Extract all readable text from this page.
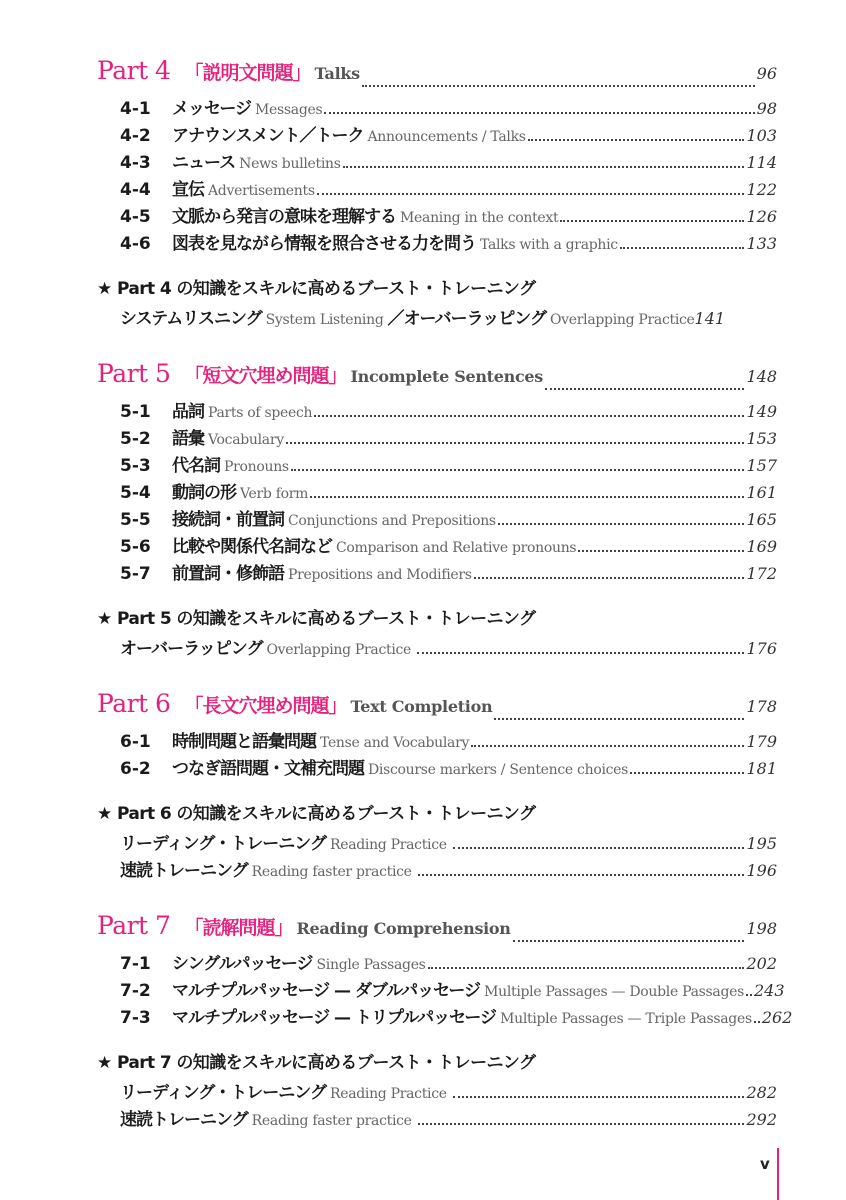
Part 4 「説明文問題」 Talks	96
4-1	メッセージ Messages	98
4-2	アナウンスメント／トーク Announcements / Talks	103
4-3	ニュース News bulletins	114
4-4	宣伝 Advertisements	122
4-5	文脈から発言の意味を理解する Meaning in the context	126
4-6	図表を見ながら情報を照合させる力を問う Talks with a graphic	133
★ Part 4 の知識をスキルに高めるブースト・トレーニング
システムリスニング System Listening ／オーバーラッピング Overlapping Practice 141
Part 5 「短文穴埋め問題」 Incomplete Sentences	148
5-1	品詞 Parts of speech	149
5-2	語彙 Vocabulary	153
5-3	代名詞 Pronouns	157
5-4	動詞の形 Verb form	161
5-5	接続詞・前置詞 Conjunctions and Prepositions	165
5-6	比較や関係代名詞など Comparison and Relative pronouns	169
5-7	前置詞・修飾語 Prepositions and Modifiers	172
★ Part 5 の知識をスキルに高めるブースト・トレーニング
オーバーラッピング Overlapping Practice	176
Part 6 「長文穴埋め問題」 Text Completion	178
6-1	時制問題と語彙問題 Tense and Vocabulary	179
6-2	つなぎ語問題・文補充問題 Discourse markers / Sentence choices	181
★ Part 6 の知識をスキルに高めるブースト・トレーニング
リーディング・トレーニング Reading Practice	195
速読トレーニング Reading faster practice	196
Part 7 「読解問題」 Reading Comprehension	198
7-1	シングルパッセージ Single Passages	202
7-2	マルチプルパッセージ — ダブルパッセージ Multiple Passages — Double Passages 243
7-3	マルチプルパッセージ — トリプルパッセージ Multiple Passages — Triple Passages 262
★ Part 7 の知識をスキルに高めるブースト・トレーニング
リーディング・トレーニング Reading Practice	282
速読トレーニング Reading faster practice	292
v
